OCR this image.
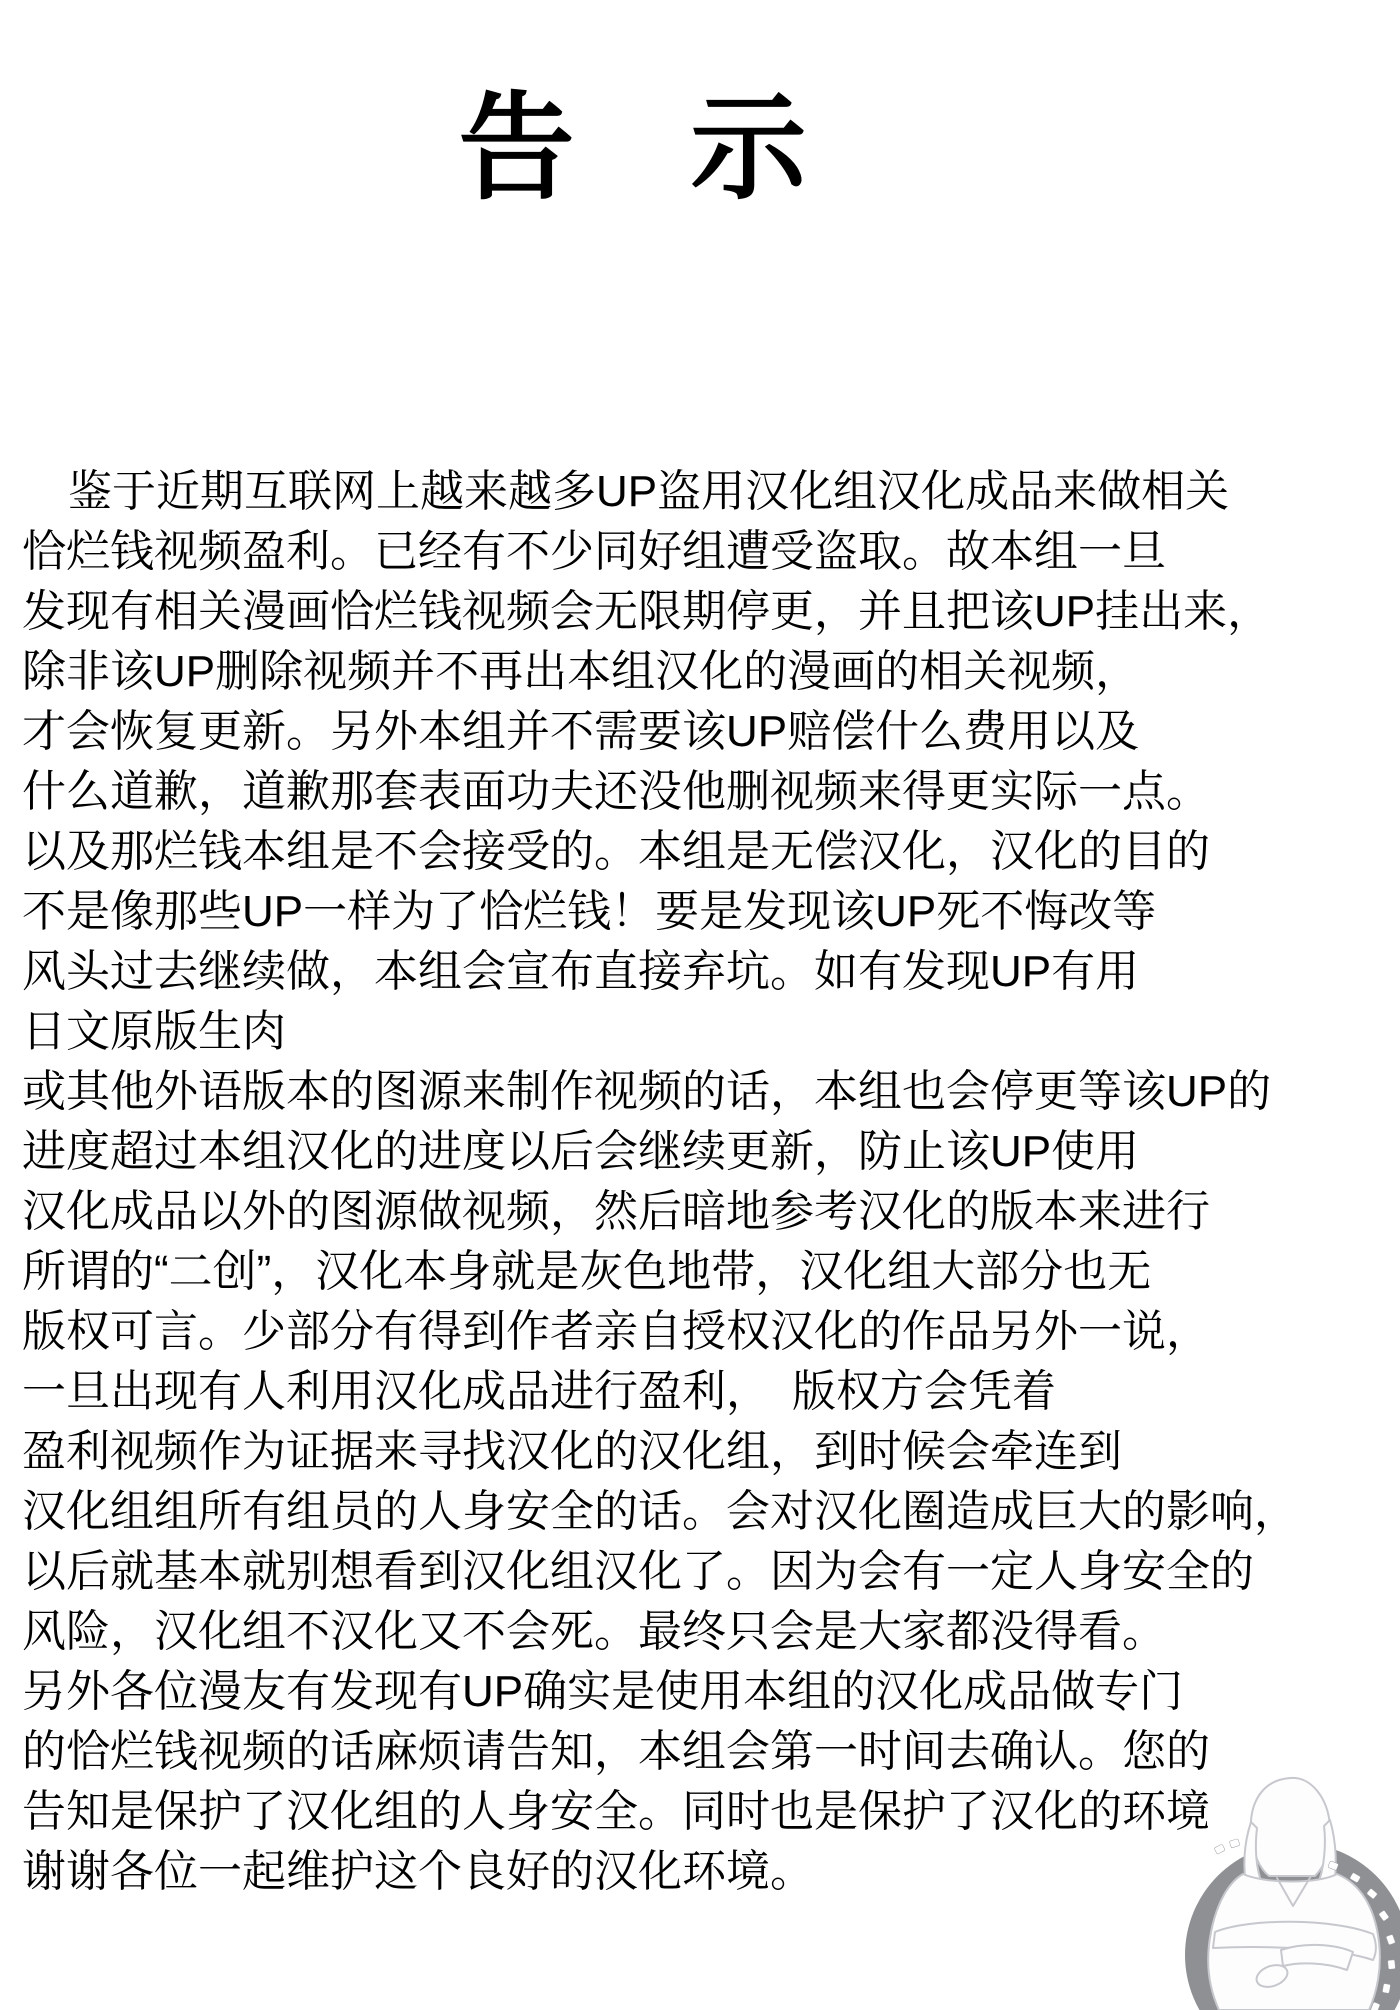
告　示
鉴于近期互联网上越来越多UP盗用汉化组汉化成品来做相关
恰烂钱视频盈利。已经有不少同好组遭受盗取。故本组一旦
发现有相关漫画恰烂钱视频会无限期停更，并且把该UP挂出来，
除非该UP删除视频并不再出本组汉化的漫画的相关视频，
才会恢复更新。另外本组并不需要该UP赔偿什么费用以及
什么道歉，道歉那套表面功夫还没他删视频来得更实际一点。
以及那烂钱本组是不会接受的。本组是无偿汉化，汉化的目的
不是像那些UP一样为了恰烂钱！要是发现该UP死不悔改等
风头过去继续做，本组会宣布直接弃坑。如有发现UP有用
日文原版生肉
或其他外语版本的图源来制作视频的话，本组也会停更等该UP的
进度超过本组汉化的进度以后会继续更新，防止该UP使用
汉化成品以外的图源做视频，然后暗地参考汉化的版本来进行
所谓的“二创”，汉化本身就是灰色地带，汉化组大部分也无
版权可言。少部分有得到作者亲自授权汉化的作品另外一说，
一旦出现有人利用汉化成品进行盈利，　版权方会凭着
盈利视频作为证据来寻找汉化的汉化组，到时候会牵连到
汉化组组所有组员的人身安全的话。会对汉化圈造成巨大的影响，
以后就基本就别想看到汉化组汉化了。因为会有一定人身安全的
风险，汉化组不汉化又不会死。最终只会是大家都没得看。
另外各位漫友有发现有UP确实是使用本组的汉化成品做专门
的恰烂钱视频的话麻烦请告知，本组会第一时间去确认。您的
告知是保护了汉化组的人身安全。同时也是保护了汉化的环境
谢谢各位一起维护这个良好的汉化环境。
